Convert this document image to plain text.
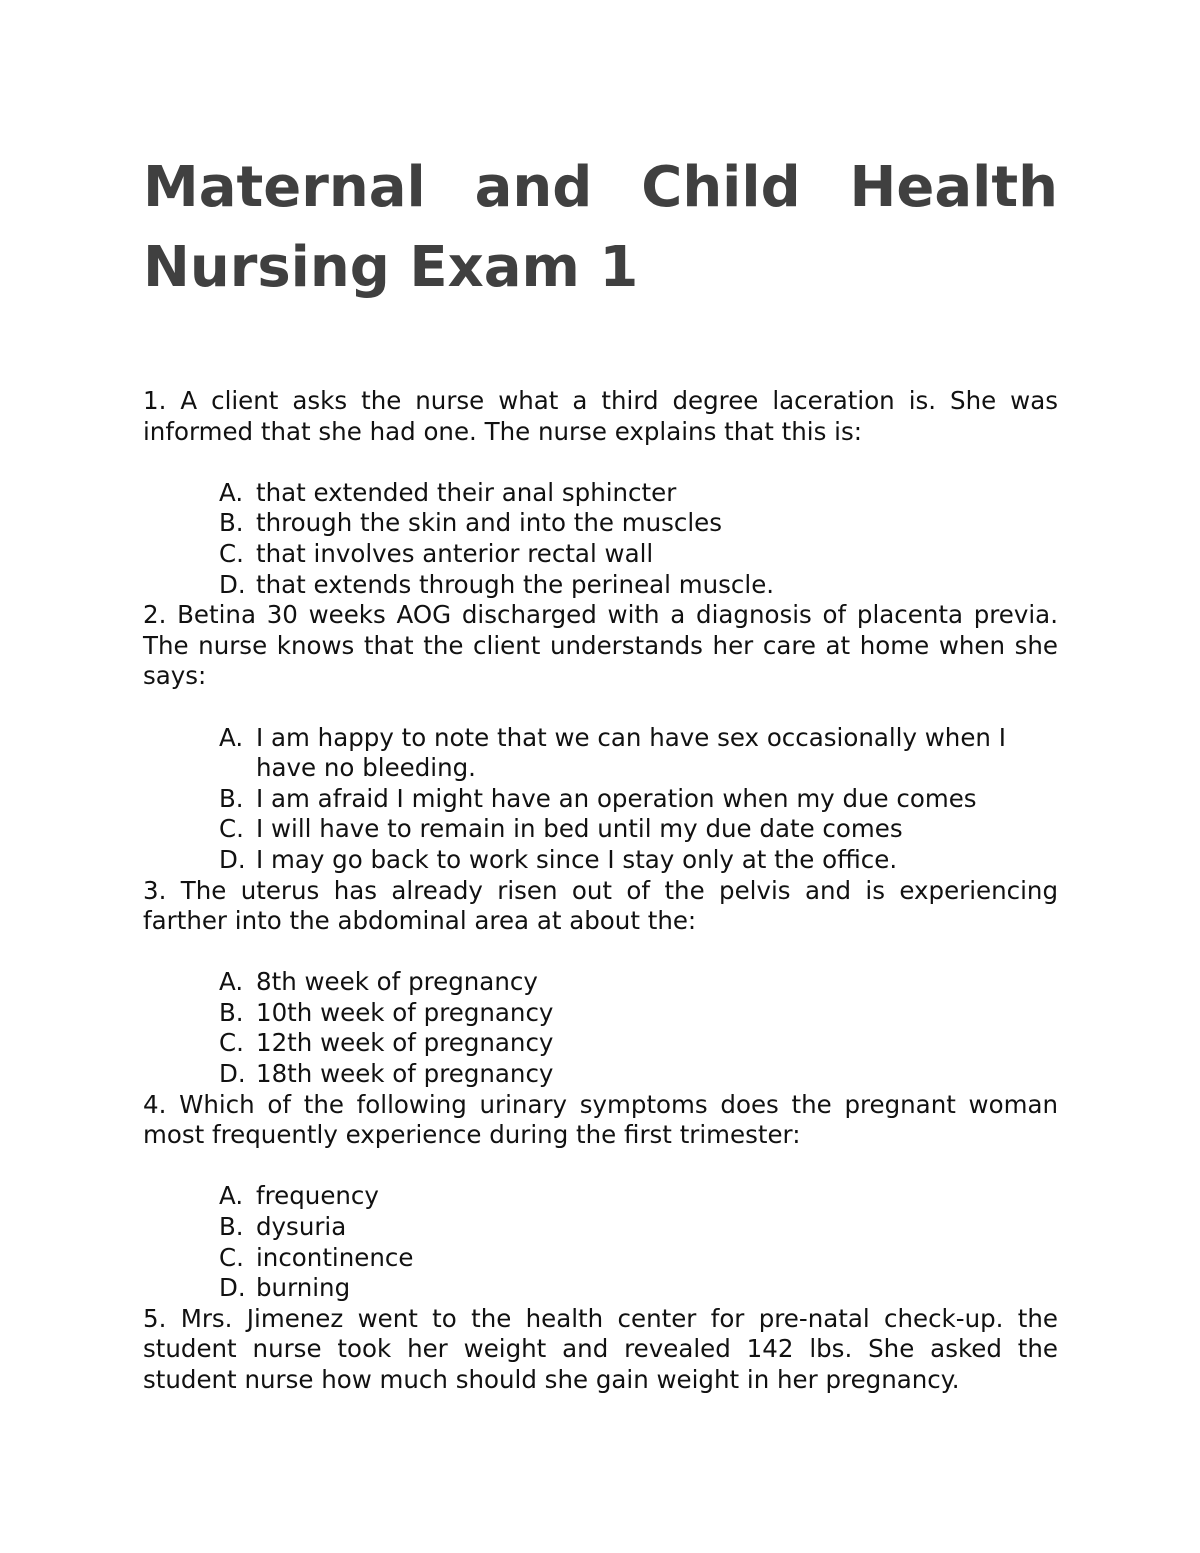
Maternal and Child Health Nursing Exam 1

1. A client asks the nurse what a third degree laceration is. She was informed that she had one. The nurse explains that this is:

A. that extended their anal sphincter
B. through the skin and into the muscles
C. that involves anterior rectal wall
D. that extends through the perineal muscle.

2. Betina 30 weeks AOG discharged with a diagnosis of placenta previa. The nurse knows that the client understands her care at home when she says:

A. I am happy to note that we can have sex occasionally when I have no bleeding.
B. I am afraid I might have an operation when my due comes
C. I will have to remain in bed until my due date comes
D. I may go back to work since I stay only at the office.

3. The uterus has already risen out of the pelvis and is experiencing farther into the abdominal area at about the:

A. 8th week of pregnancy
B. 10th week of pregnancy
C. 12th week of pregnancy
D. 18th week of pregnancy

4. Which of the following urinary symptoms does the pregnant woman most frequently experience during the first trimester:

A. frequency
B. dysuria
C. incontinence
D. burning

5. Mrs. Jimenez went to the health center for pre-natal check-up. the student nurse took her weight and revealed 142 lbs. She asked the student nurse how much should she gain weight in her pregnancy.
